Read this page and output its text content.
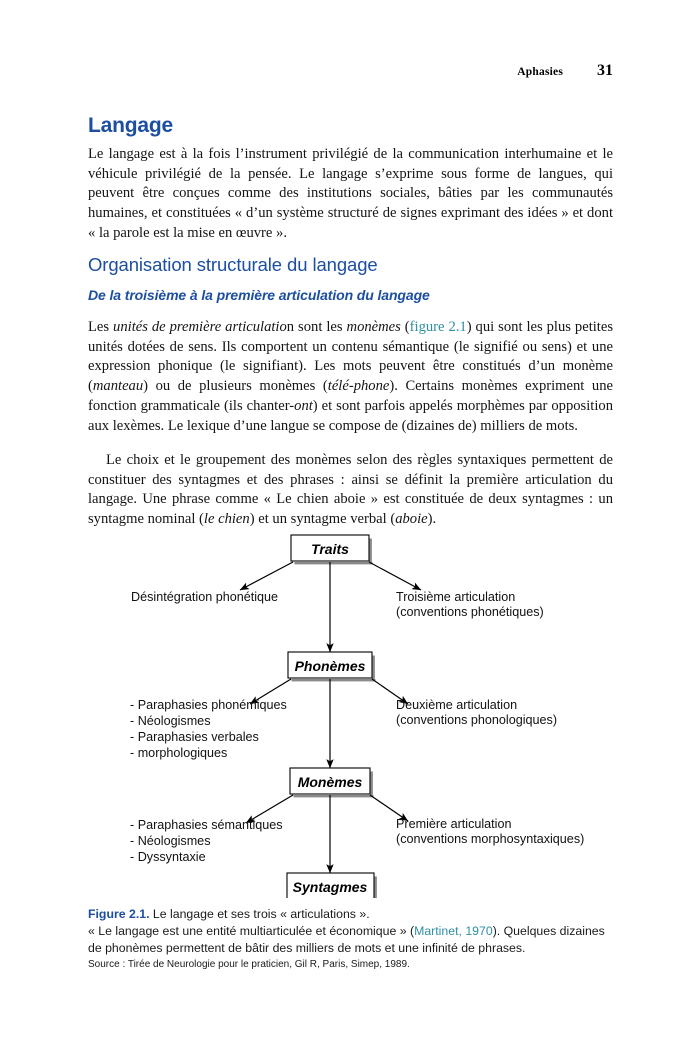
Aphasies 31
Langage
Organisation structurale du langage
De la troisième à la première articulation du langage
Le langage est à la fois l’instrument privilégié de la communication interhumaine et le véhicule privilégié de la pensée. Le langage s’exprime sous forme de langues, qui peuvent être conçues comme des institutions sociales, bâties par les communautés humaines, et constituées « d’un système structuré de signes exprimant des idées » et dont « la parole est la mise en œuvre ».
Les unités de première articulation sont les monèmes (figure 2.1) qui sont les plus petites unités dotées de sens. Ils comportent un contenu sémantique (le signifié ou sens) et une expression phonique (le signifiant). Les mots peuvent être constitués d’un monème (manteau) ou de plusieurs monèmes (télé-phone). Certains monèmes expriment une fonction grammaticale (ils chanter-ont) et sont parfois appelés morphèmes par opposition aux lexèmes. Le lexique d’une langue se compose de (dizaines de) milliers de mots.
Le choix et le groupement des monèmes selon des règles syntaxiques permettent de constituer des syntagmes et des phrases : ainsi se définit la première articulation du langage. Une phrase comme « Le chien aboie » est constituée de deux syntagmes : un syntagme nominal (le chien) et un syntagme verbal (aboie).
Traits
Désintégration phonétique	Troisième articulation
(conventions phonétiques)
Phonèmes
- Paraphasies phonémiques
- Néologismes
- Paraphasies verbales
- morphologiques
Deuxième articulation
(conventions phonologiques)
Monèmes
- Paraphasies sémantiques
- Néologismes
- Dyssyntaxie
Première articulation
(conventions morphosyntaxiques)
Syntagmes
Figure 2.1. Le langage et ses trois « articulations ».
« Le langage est une entité multiarticulée et économique » (Martinet, 1970). Quelques dizaines de phonèmes permettent de bâtir des milliers de mots et une infinité de phrases.
Source : Tirée de Neurologie pour le praticien, Gil R, Paris, Simep, 1989.
